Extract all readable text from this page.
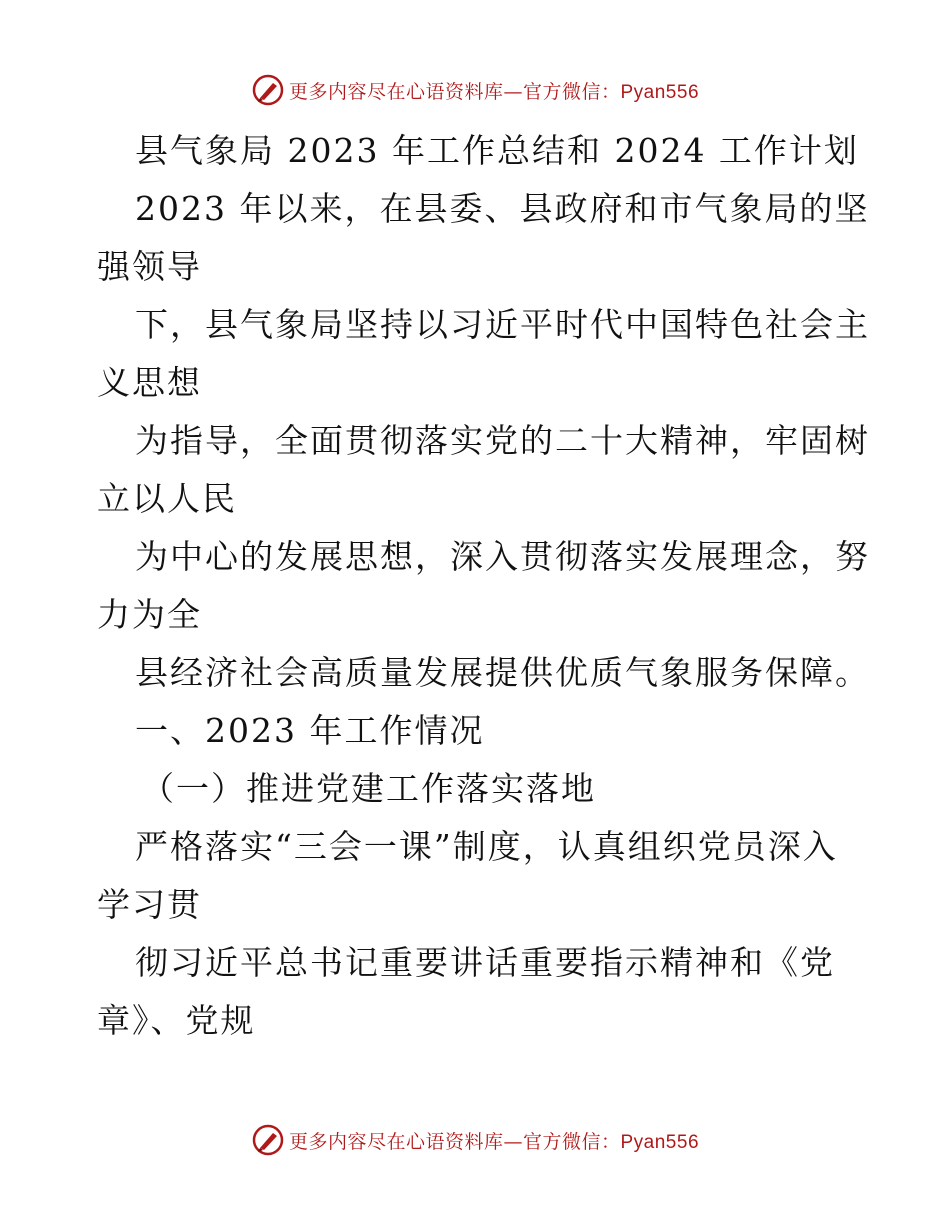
更多内容尽在心语资料库—官方微信：Pyan556

县气象局 2023 年工作总结和 2024 工作计划

2023 年以来，在县委、县政府和市气象局的坚

强领导

下，县气象局坚持以习近平时代中国特色社会主

义思想

为指导，全面贯彻落实党的二十大精神，牢固树

立以人民

为中心的发展思想，深入贯彻落实发展理念，努

力为全

县经济社会高质量发展提供优质气象服务保障。

一、2023 年工作情况

（一）推进党建工作落实落地

严格落实“三会一课”制度，认真组织党员深入

学习贯

彻习近平总书记重要讲话重要指示精神和《党

章》、党规

更多内容尽在心语资料库—官方微信：Pyan556
